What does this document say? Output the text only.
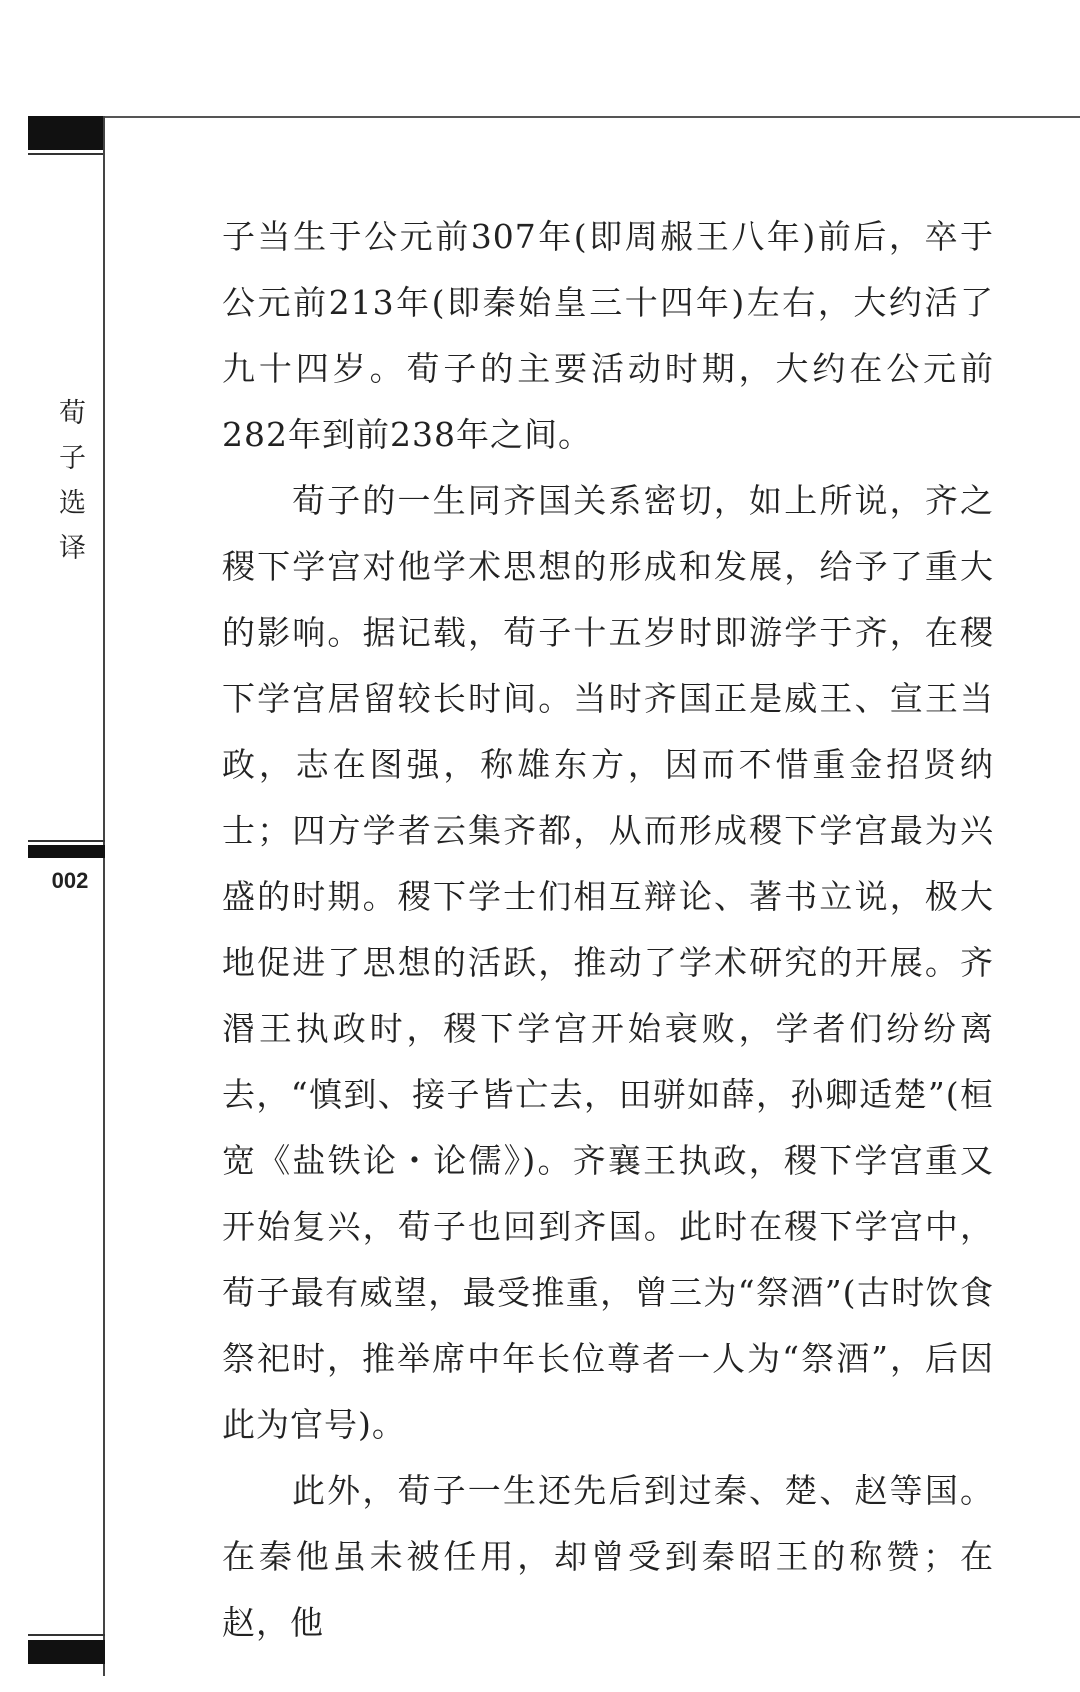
荀子选译
002

子当生于公元前307年(即周赧王八年)前后，卒于公元前213年(即秦始皇三十四年)左右，大约活了九十四岁。荀子的主要活动时期，大约在公元前282年到前238年之间。

荀子的一生同齐国关系密切，如上所说，齐之稷下学宫对他学术思想的形成和发展，给予了重大的影响。据记载，荀子十五岁时即游学于齐，在稷下学宫居留较长时间。当时齐国正是威王、宣王当政，志在图强，称雄东方，因而不惜重金招贤纳士；四方学者云集齐都，从而形成稷下学宫最为兴盛的时期。稷下学士们相互辩论、著书立说，极大地促进了思想的活跃，推动了学术研究的开展。齐湣王执政时，稷下学宫开始衰败，学者们纷纷离去，“慎到、接子皆亡去，田骈如薛，孙卿适楚”(桓宽《盐铁论・论儒》)。齐襄王执政，稷下学宫重又开始复兴，荀子也回到齐国。此时在稷下学宫中，荀子最有威望，最受推重，曾三为“祭酒”(古时饮食祭祀时，推举席中年长位尊者一人为“祭酒”，后因此为官号)。

此外，荀子一生还先后到过秦、楚、赵等国。在秦他虽未被任用，却曾受到秦昭王的称赞；在赵，他
